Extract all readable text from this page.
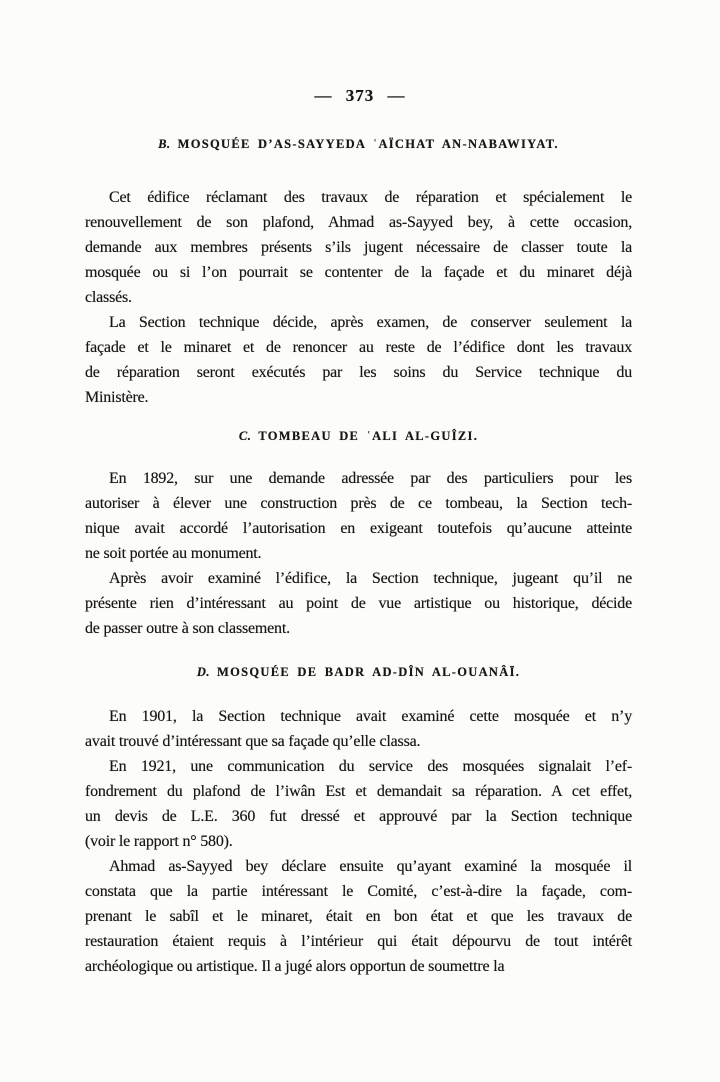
— 373 —
B. MOSQUÉE D’AS-SAYYEDA ʿAÏCHAT AN-NABAWIYAT.
Cet édifice réclamant des travaux de réparation et spécialement le
renouvellement de son plafond, Ahmad as-Sayyed bey, à cette occasion,
demande aux membres présents s’ils jugent nécessaire de classer toute la
mosquée ou si l’on pourrait se contenter de la façade et du minaret déjà
classés.
La Section technique décide, après examen, de conserver seulement la
façade et le minaret et de renoncer au reste de l’édifice dont les travaux
de réparation seront exécutés par les soins du Service technique du
Ministère.
C. TOMBEAU DE ʿALI AL-GUÎZI.
En 1892, sur une demande adressée par des particuliers pour les
autoriser à élever une construction près de ce tombeau, la Section tech-
nique avait accordé l’autorisation en exigeant toutefois qu’aucune atteinte
ne soit portée au monument.
Après avoir examiné l’édifice, la Section technique, jugeant qu’il ne
présente rien d’intéressant au point de vue artistique ou historique, décide
de passer outre à son classement.
D. MOSQUÉE DE BADR AD-DÎN AL-OUANÂĪ.
En 1901, la Section technique avait examiné cette mosquée et n’y
avait trouvé d’intéressant que sa façade qu’elle classa.
En 1921, une communication du service des mosquées signalait l’ef-
fondrement du plafond de l’iwân Est et demandait sa réparation. A cet effet,
un devis de L.E. 360 fut dressé et approuvé par la Section technique
(voir le rapport n° 580).
Ahmad as-Sayyed bey déclare ensuite qu’ayant examiné la mosquée il
constata que la partie intéressant le Comité, c’est-à-dire la façade, com-
prenant le sabîl et le minaret, était en bon état et que les travaux de
restauration étaient requis à l’intérieur qui était dépourvu de tout intérêt
archéologique ou artistique. Il a jugé alors opportun de soumettre la
